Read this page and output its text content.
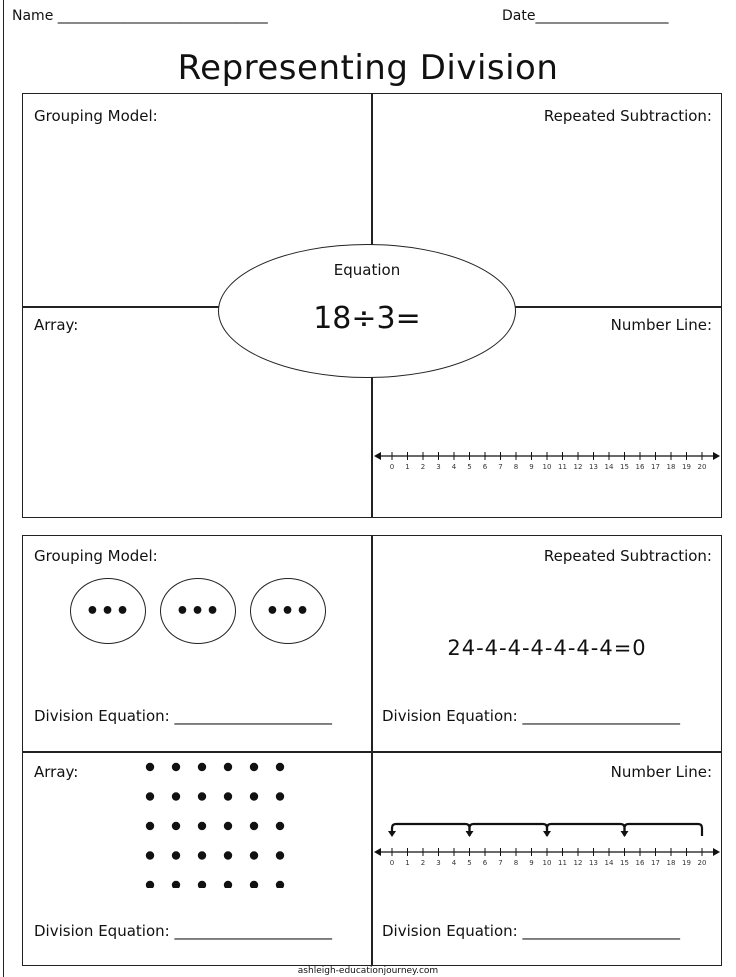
Name ______________________________	Date___________________
Representing Division
Grouping Model:	Repeated Subtraction:
Array:	Number Line:
Equation
18÷3=
0 1 2 3 4 5 6 7 8 9 10 11 12 13 14 15 16 17 18 19 20
Grouping Model:
•••	•••	•••
Division Equation: _____________________
Repeated Subtraction:
24-4-4-4-4-4-4=0
Division Equation: _____________________
Array:
Division Equation: _____________________
Number Line:
0 1 2 3 4 5 6 7 8 9 10 11 12 13 14 15 16 17 18 19 20
Division Equation: _____________________
ashleigh-educationjourney.com
